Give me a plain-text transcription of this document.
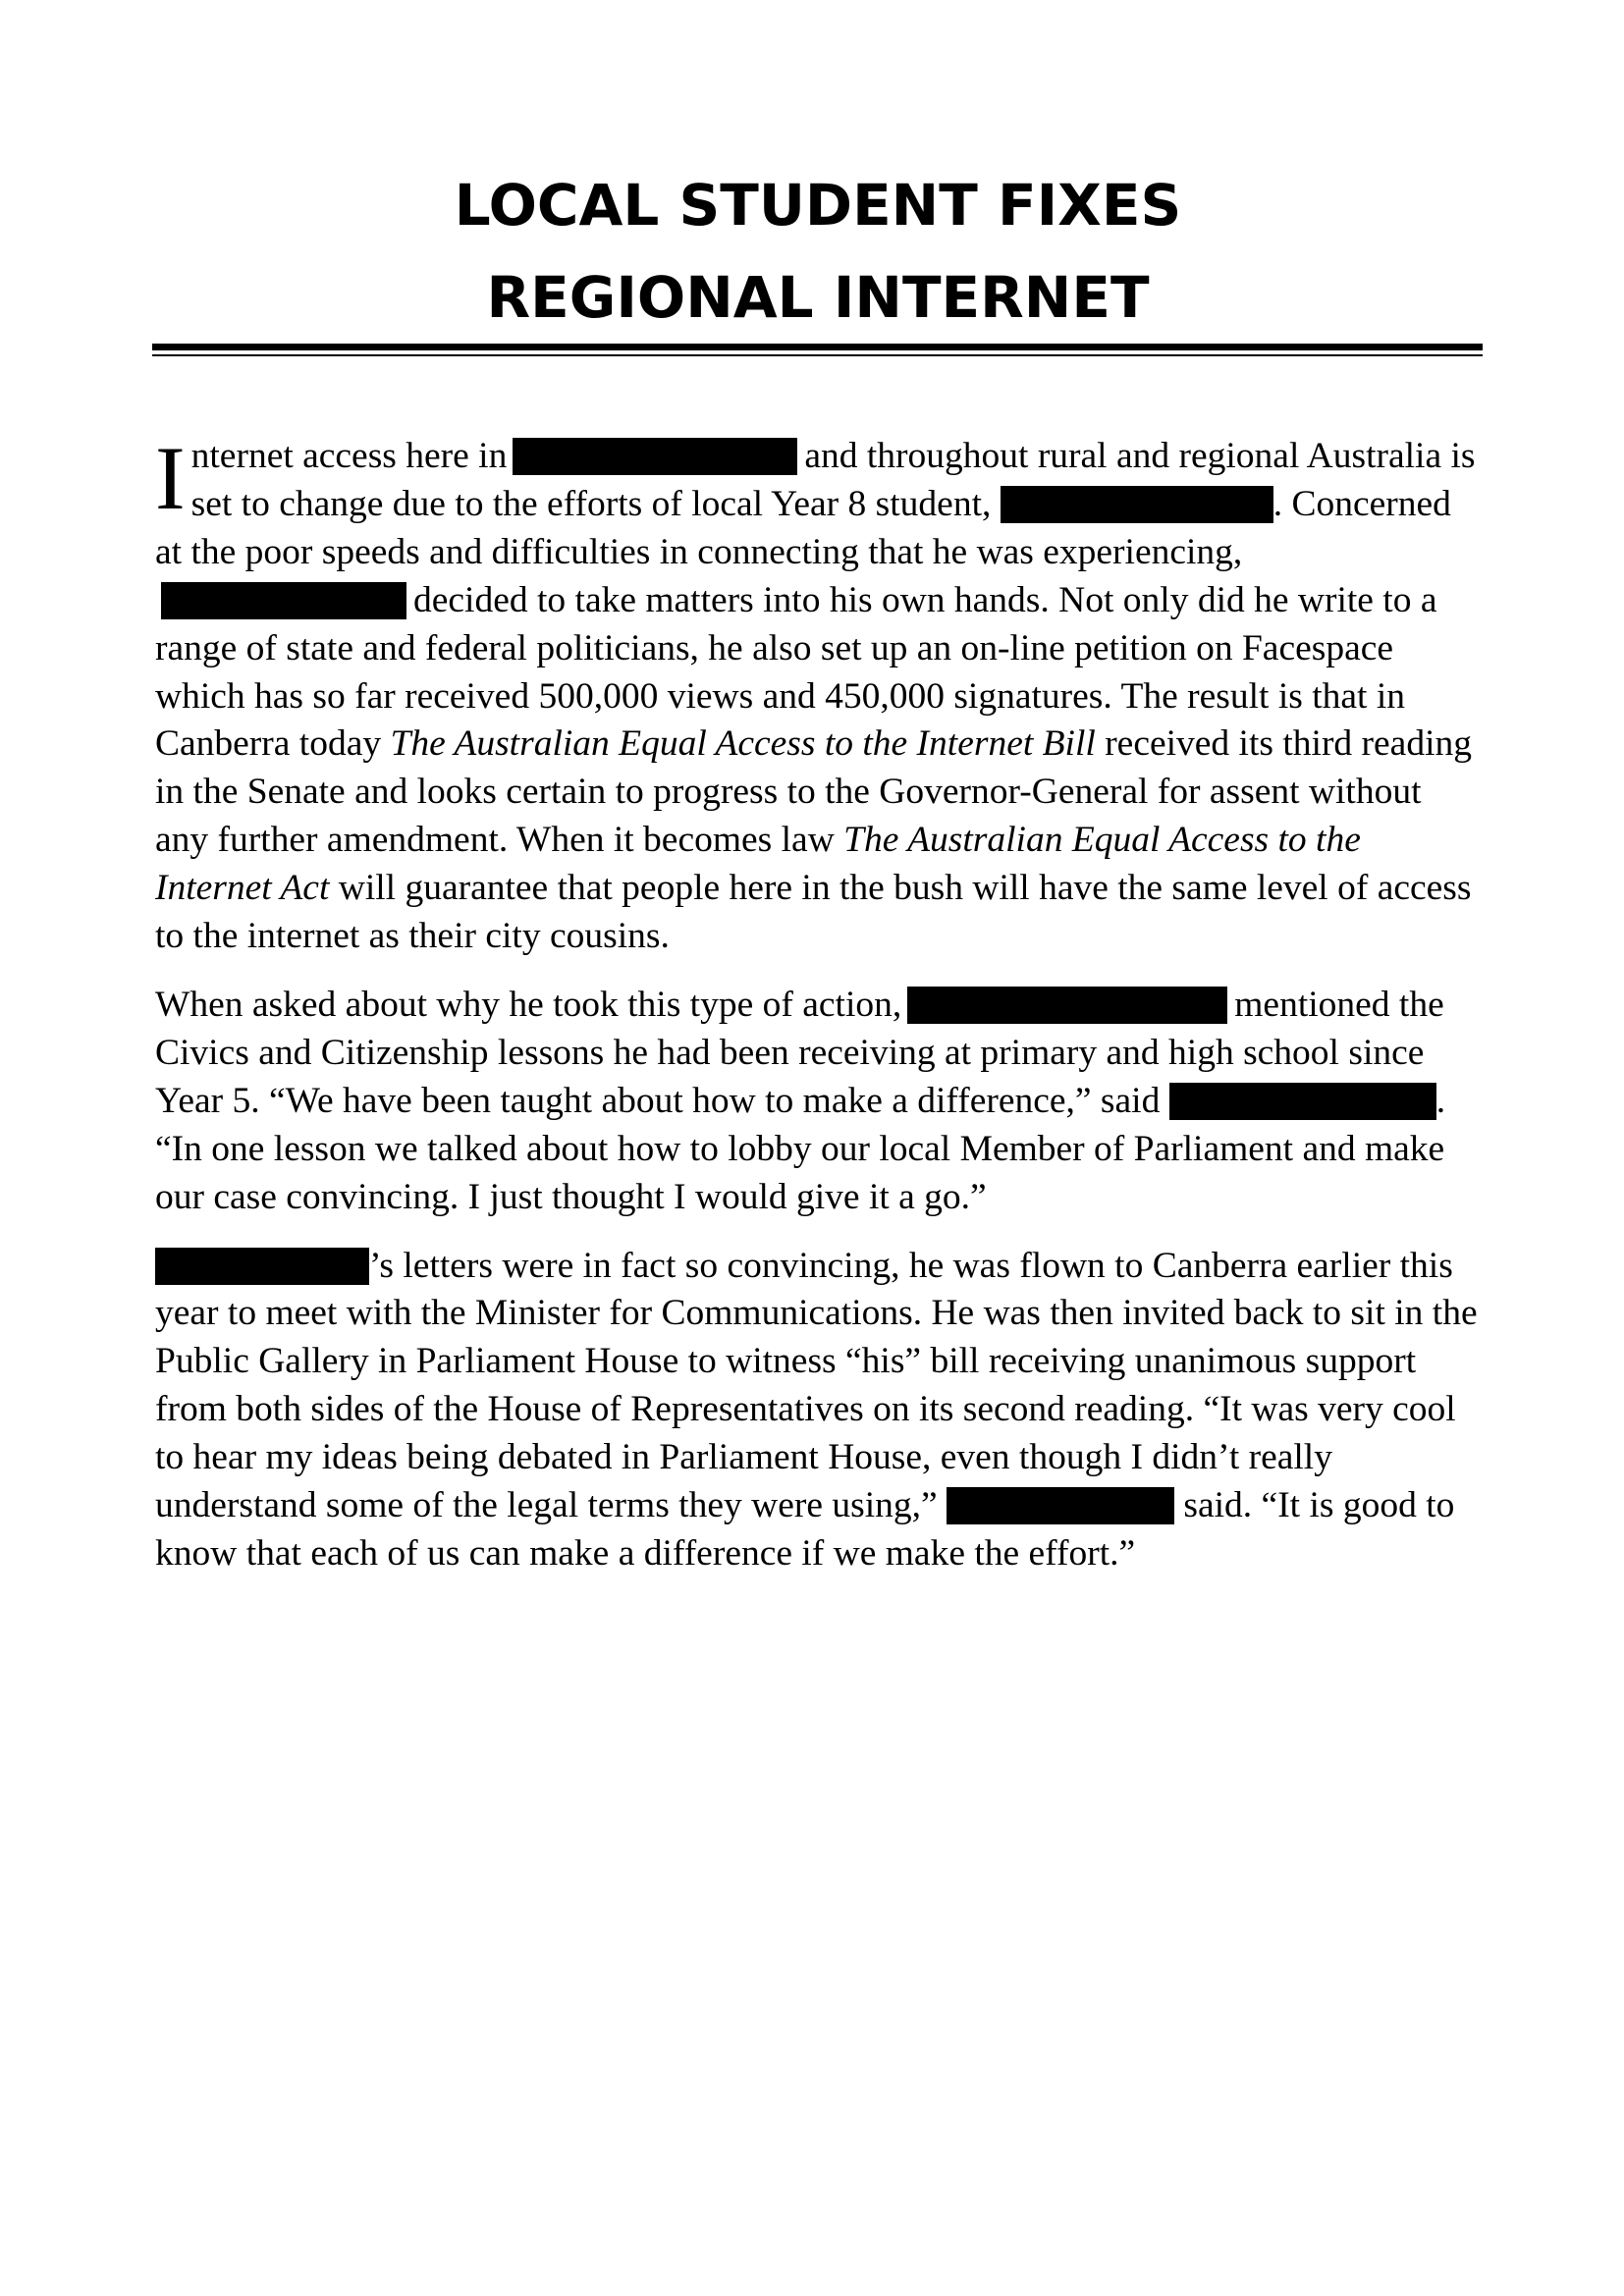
LOCAL STUDENT FIXES
REGIONAL INTERNET

Internet access here in	and throughout rural and regional Australia is set to change due to the efforts of local Year 8 student,	. Concerned at the poor speeds and difficulties in connecting that he was experiencing,decided to take matters into his own hands. Not only did he write to a range of state and federal politicians, he also set up an on-line petition on Facespace which has so far received 500,000 views and 450,000 signatures. The result is that in Canberra today The Australian Equal Access to the Internet Bill received its third reading in the Senate and looks certain to progress to the Governor-General for assent without any further amendment. When it becomes law The Australian Equal Access to the Internet Act will guarantee that people here in the bush will have the same level of access to the internet as their city cousins.

When asked about why he took this type of action,	mentioned the Civics and Citizenship lessons he had been receiving at primary and high school since Year 5. “We have been taught about how to make a difference,” said	. “In one lesson we talked about how to lobby our local Member of Parliament and make our case convincing. I just thought I would give it a go.”

’s letters were in fact so convincing, he was flown to Canberra earlier this year to meet with the Minister for Communications. He was then invited back to sit in the Public Gallery in Parliament House to witness “his” bill receiving unanimous support from both sides of the House of Representatives on its second reading. “It was very cool to hear my ideas being debated in Parliament House, even though I didn’t really understand some of the legal terms they were using,”	said. “It is good to know that each of us can make a difference if we make the effort.”
